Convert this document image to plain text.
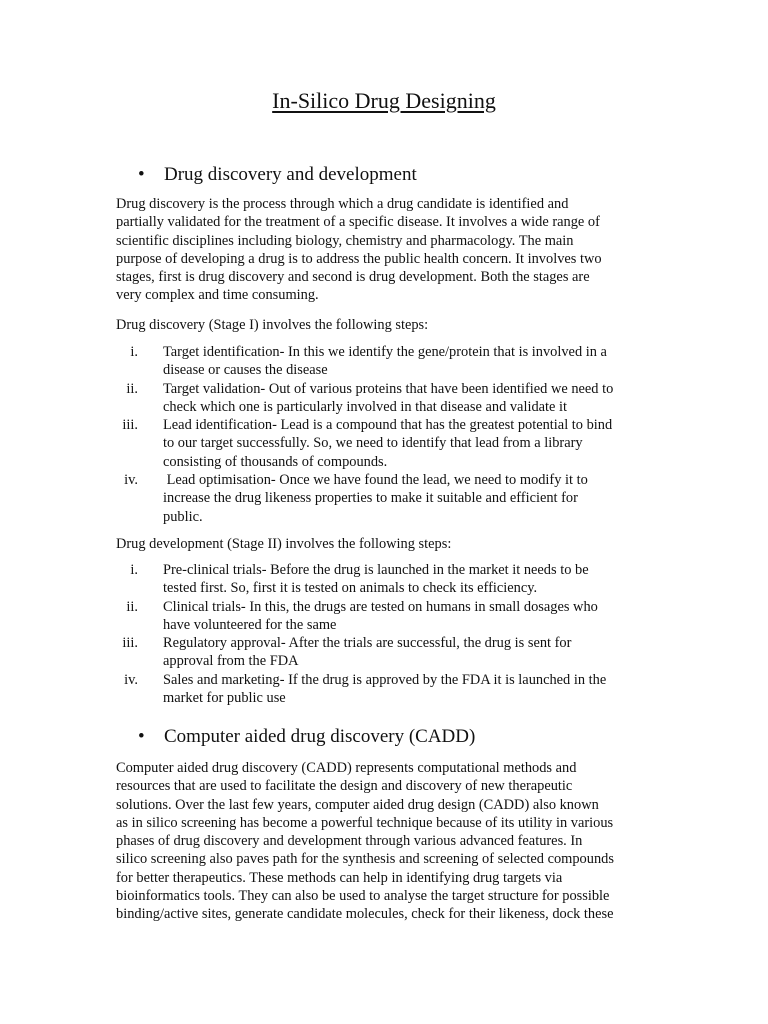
In-Silico Drug Designing
• Drug discovery and development

Drug discovery is the process through which a drug candidate is identified and
partially validated for the treatment of a specific disease. It involves a wide range of
scientific disciplines including biology, chemistry and pharmacology. The main
purpose of developing a drug is to address the public health concern. It involves two
stages, first is drug discovery and second is drug development. Both the stages are
very complex and time consuming.

Drug discovery (Stage I) involves the following steps:

i. Target identification- In this we identify the gene/protein that is involved in a
disease or causes the disease
ii. Target validation- Out of various proteins that have been identified we need to
check which one is particularly involved in that disease and validate it
iii. Lead identification- Lead is a compound that has the greatest potential to bind
to our target successfully. So, we need to identify that lead from a library
consisting of thousands of compounds.
iv. Lead optimisation- Once we have found the lead, we need to modify it to
increase the drug likeness properties to make it suitable and efficient for
public.

Drug development (Stage II) involves the following steps:

i. Pre-clinical trials- Before the drug is launched in the market it needs to be
tested first. So, first it is tested on animals to check its efficiency.
ii. Clinical trials- In this, the drugs are tested on humans in small dosages who
have volunteered for the same
iii. Regulatory approval- After the trials are successful, the drug is sent for
approval from the FDA
iv. Sales and marketing- If the drug is approved by the FDA it is launched in the
market for public use
• Computer aided drug discovery (CADD)

Computer aided drug discovery (CADD) represents computational methods and
resources that are used to facilitate the design and discovery of new therapeutic
solutions. Over the last few years, computer aided drug design (CADD) also known
as in silico screening has become a powerful technique because of its utility in various
phases of drug discovery and development through various advanced features. In
silico screening also paves path for the synthesis and screening of selected compounds
for better therapeutics. These methods can help in identifying drug targets via
bioinformatics tools. They can also be used to analyse the target structure for possible
binding/active sites, generate candidate molecules, check for their likeness, dock these
